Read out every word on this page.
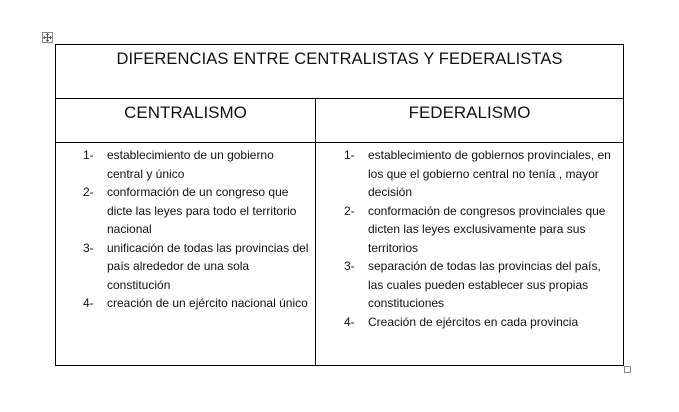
DIFERENCIAS ENTRE CENTRALISTAS Y FEDERALISTAS
CENTRALISMO	FEDERALISMO
1- establecimiento de un gobierno central y único
2- conformación de un congreso que dicte las leyes para todo el territorio nacional
3- unificación de todas las provincias del país alrededor de una sola constitución
4- creación de un ejército nacional único
1- establecimiento de gobiernos provinciales, en los que el gobierno central no tenía , mayor decisión
2- conformación de congresos provinciales que dicten las leyes exclusivamente para sus territorios
3- separación de todas las provincias del país, las cuales pueden establecer sus propias constituciones
4- Creación de ejércitos en cada provincia
